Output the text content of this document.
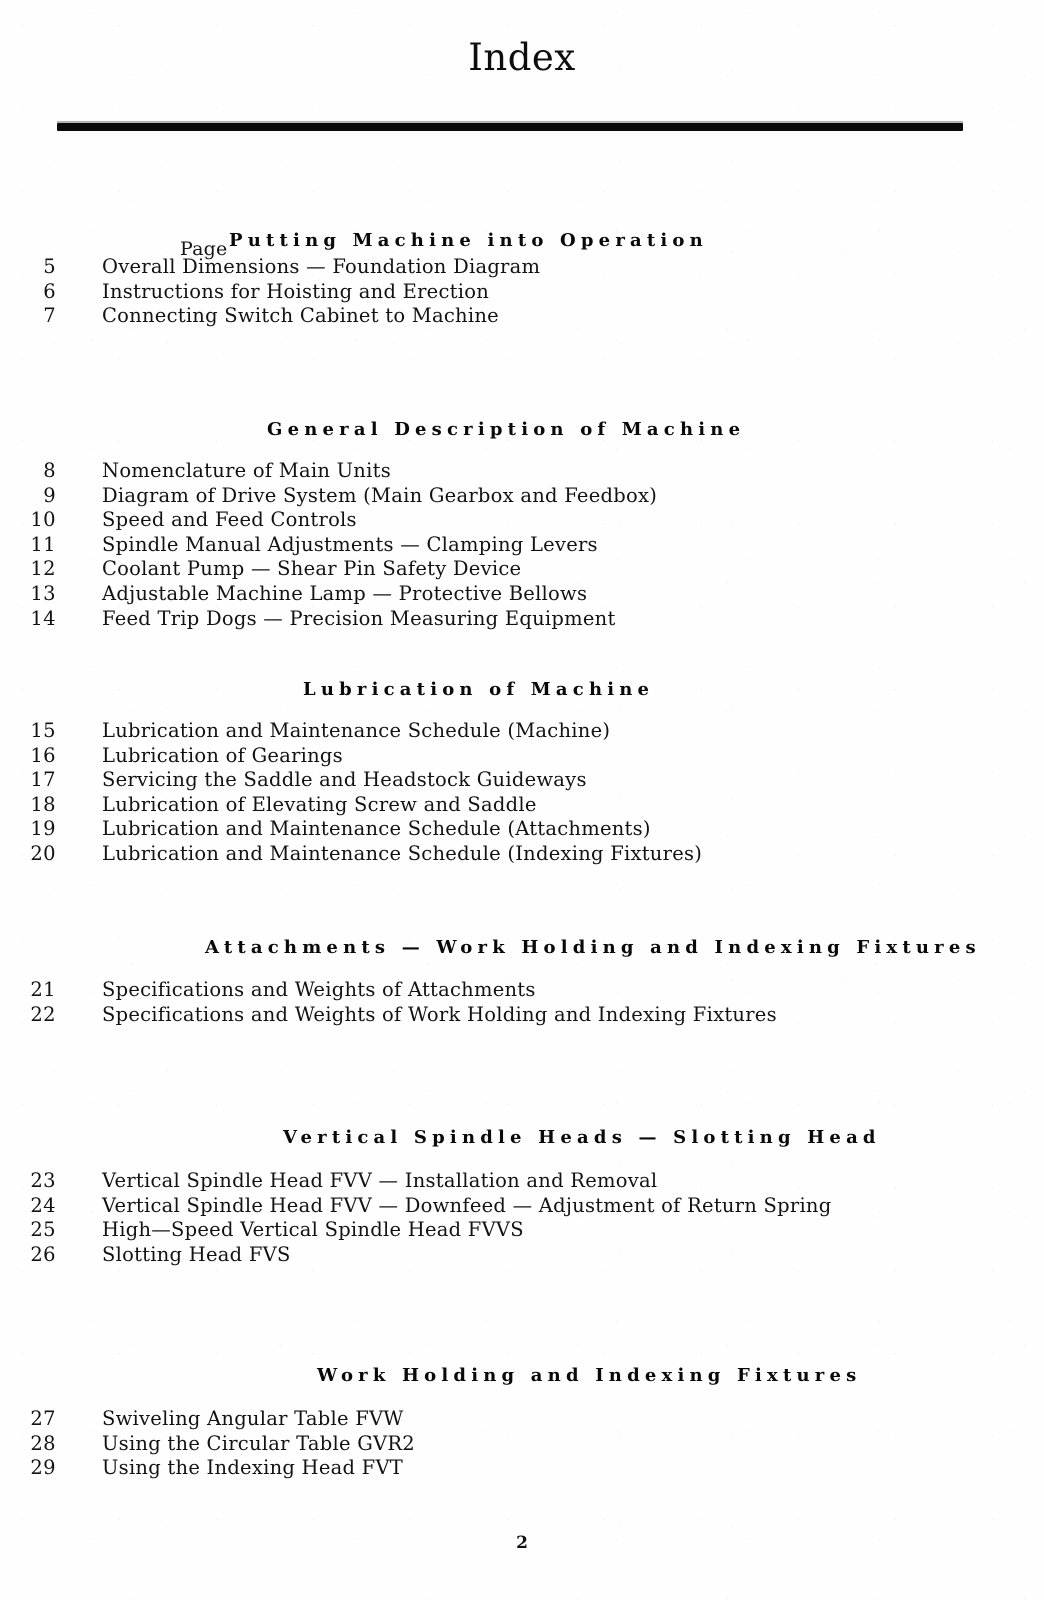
Index
Page Putting Machine into Operation
5 Overall Dimensions — Foundation Diagram
6 Instructions for Hoisting and Erection
7 Connecting Switch Cabinet to Machine
General Description of Machine
8 Nomenclature of Main Units
9 Diagram of Drive System (Main Gearbox and Feedbox)
10 Speed and Feed Controls
11 Spindle Manual Adjustments — Clamping Levers
12 Coolant Pump — Shear Pin Safety Device
13 Adjustable Machine Lamp — Protective Bellows
14 Feed Trip Dogs — Precision Measuring Equipment
Lubrication of Machine
15 Lubrication and Maintenance Schedule (Machine)
16 Lubrication of Gearings
17 Servicing the Saddle and Headstock Guideways
18 Lubrication of Elevating Screw and Saddle
19 Lubrication and Maintenance Schedule (Attachments)
20 Lubrication and Maintenance Schedule (Indexing Fixtures)
Attachments — Work Holding and Indexing Fixtures
21 Specifications and Weights of Attachments
22 Specifications and Weights of Work Holding and Indexing Fixtures
Vertical Spindle Heads — Slotting Head
23 Vertical Spindle Head FVV — Installation and Removal
24 Vertical Spindle Head FVV — Downfeed — Adjustment of Return Spring
25 High—Speed Vertical Spindle Head FVVS
26 Slotting Head FVS
Work Holding and Indexing Fixtures
27 Swiveling Angular Table FVW
28 Using the Circular Table GVR2
29 Using the Indexing Head FVT
2
